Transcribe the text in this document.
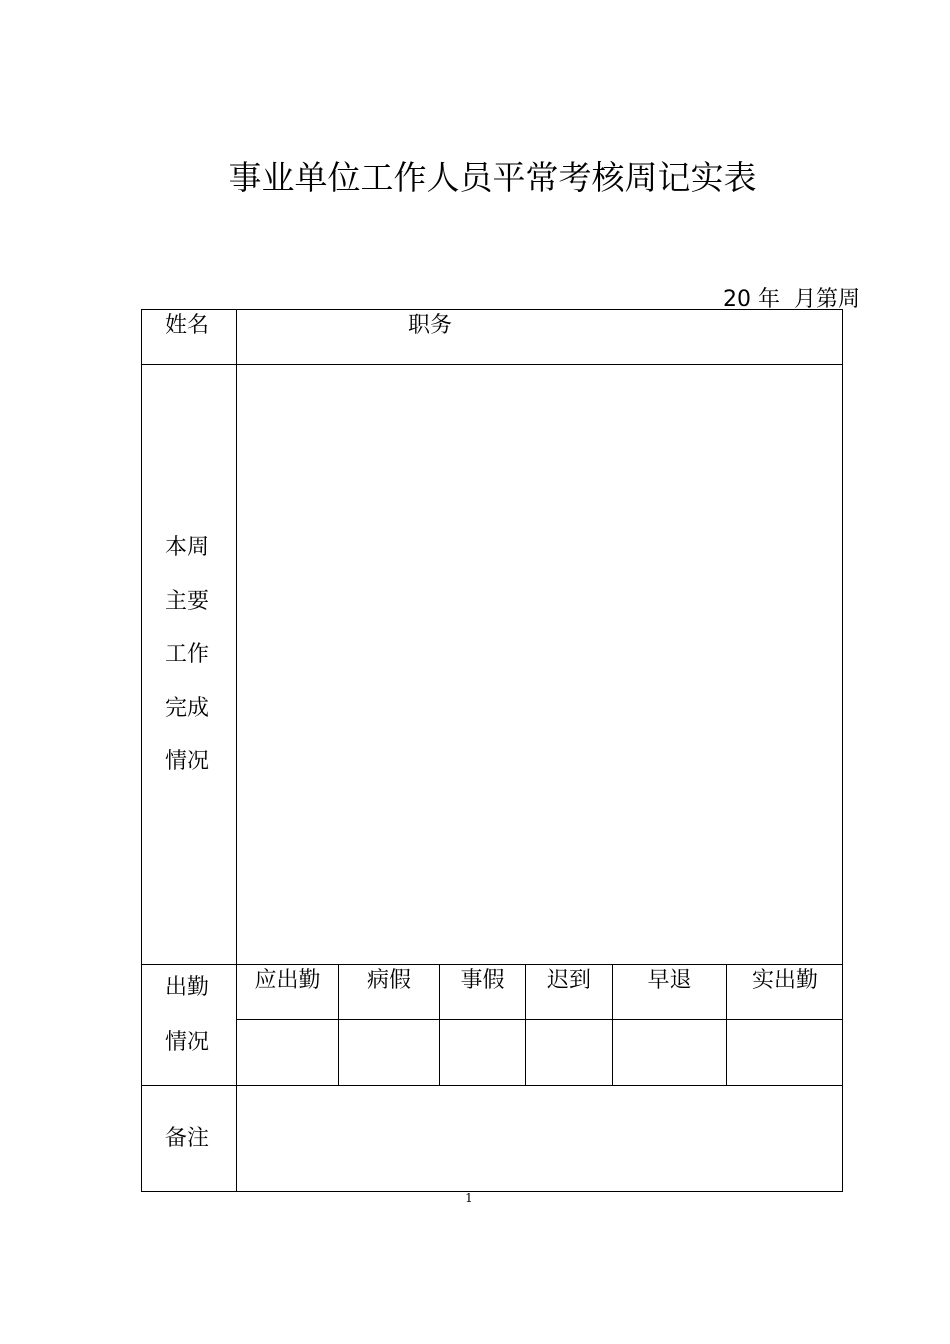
事业单位工作人员平常考核周记实表
20 年 月第周
姓名	职务
本周
主要
工作
完成
情况
出勤
情况
应出勤	病假	事假	迟到	早退	实出勤
备注
1
